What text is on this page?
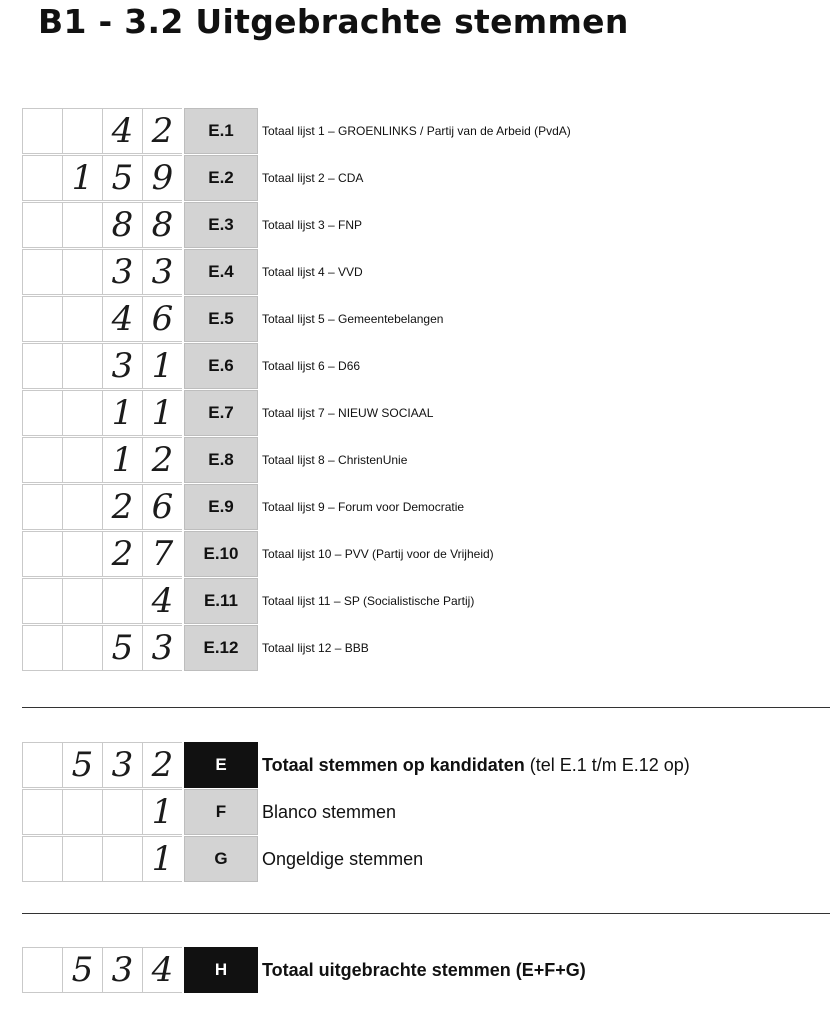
B1 - 3.2 Uitgebrachte stemmen
4 2	E.1	Totaal lijst 1 – GROENLINKS / Partij van de Arbeid (PvdA)
1 5 9	E.2	Totaal lijst 2 – CDA
8 8	E.3	Totaal lijst 3 – FNP
3 3	E.4	Totaal lijst 4 – VVD
4 6	E.5	Totaal lijst 5 – Gemeentebelangen
3 1	E.6	Totaal lijst 6 – D66
1 1	E.7	Totaal lijst 7 – NIEUW SOCIAAL
1 2	E.8	Totaal lijst 8 – ChristenUnie
2 6	E.9	Totaal lijst 9 – Forum voor Democratie
2 7	E.10	Totaal lijst 10 – PVV (Partij voor de Vrijheid)
4	E.11	Totaal lijst 11 – SP (Socialistische Partij)
5 3	E.12	Totaal lijst 12 – BBB
5 3 2	E	Totaal stemmen op kandidaten (tel E.1 t/m E.12 op)
1	F	Blanco stemmen
1	G	Ongeldige stemmen
5 3 4	H	Totaal uitgebrachte stemmen (E+F+G)
